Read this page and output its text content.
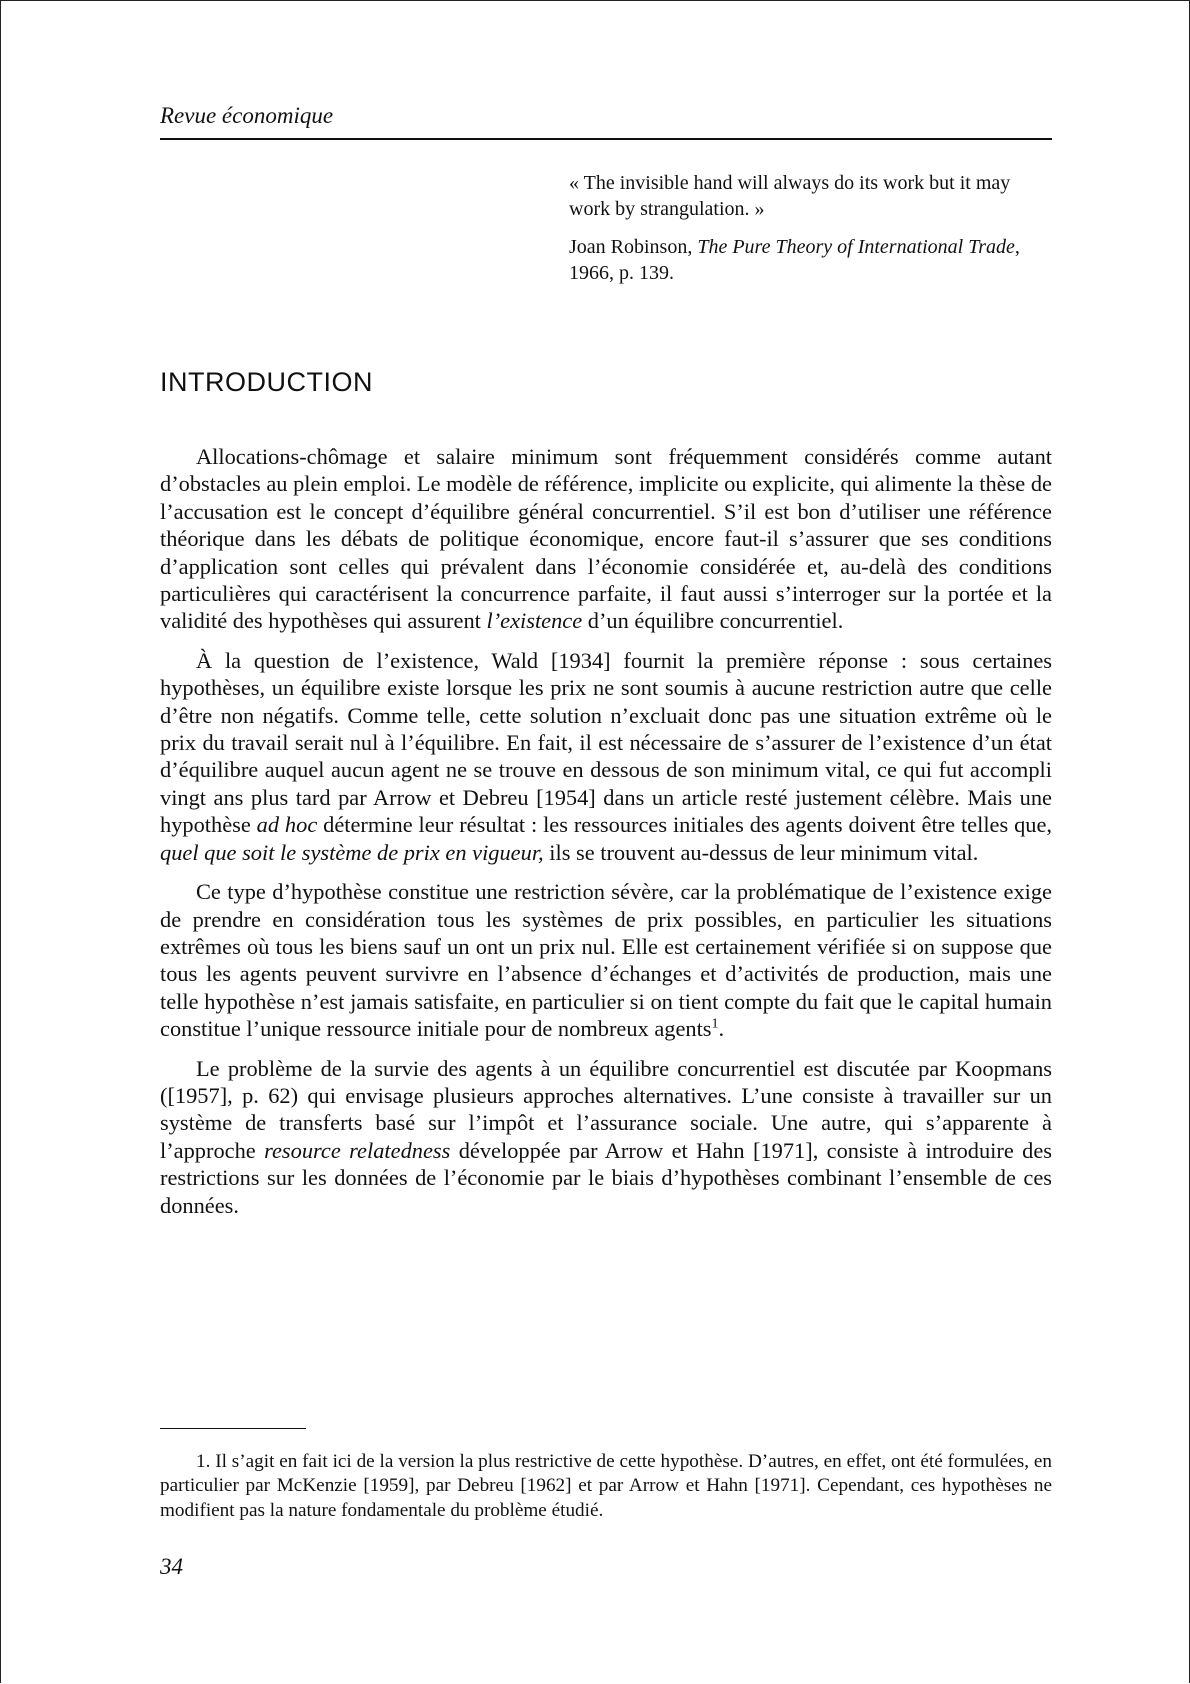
Revue économique

« The invisible hand will always do its work but it may work by strangulation. »

Joan Robinson, The Pure Theory of International Trade, 1966, p. 139.

INTRODUCTION

Allocations-chômage et salaire minimum sont fréquemment considérés comme autant d’obstacles au plein emploi. Le modèle de référence, implicite ou explicite, qui alimente la thèse de l’accusation est le concept d’équilibre général concurrentiel. S’il est bon d’utiliser une référence théorique dans les débats de politique économique, encore faut-il s’assurer que ses conditions d’application sont celles qui prévalent dans l’économie considérée et, au-delà des conditions particulières qui caractérisent la concurrence parfaite, il faut aussi s’interroger sur la portée et la validité des hypothèses qui assurent l’existence d’un équilibre concurrentiel.

À la question de l’existence, Wald [1934] fournit la première réponse : sous certaines hypothèses, un équilibre existe lorsque les prix ne sont soumis à aucune restriction autre que celle d’être non négatifs. Comme telle, cette solution n’excluait donc pas une situation extrême où le prix du travail serait nul à l’équilibre. En fait, il est nécessaire de s’assurer de l’existence d’un état d’équilibre auquel aucun agent ne se trouve en dessous de son minimum vital, ce qui fut accompli vingt ans plus tard par Arrow et Debreu [1954] dans un article resté justement célèbre. Mais une hypothèse ad hoc détermine leur résultat : les ressources initiales des agents doivent être telles que, quel que soit le système de prix en vigueur, ils se trouvent au-dessus de leur minimum vital.

Ce type d’hypothèse constitue une restriction sévère, car la problématique de l’existence exige de prendre en considération tous les systèmes de prix possibles, en particulier les situations extrêmes où tous les biens sauf un ont un prix nul. Elle est certainement vérifiée si on suppose que tous les agents peuvent survivre en l’absence d’échanges et d’activités de production, mais une telle hypothèse n’est jamais satisfaite, en particulier si on tient compte du fait que le capital humain constitue l’unique ressource initiale pour de nombreux agents$^1$.

Le problème de la survie des agents à un équilibre concurrentiel est discutée par Koopmans ([1957], p. 62) qui envisage plusieurs approches alternatives. L’une consiste à travailler sur un système de transferts basé sur l’impôt et l’assurance sociale. Une autre, qui s’apparente à l’approche resource relatedness développée par Arrow et Hahn [1971], consiste à introduire des restrictions sur les données de l’économie par le biais d’hypothèses combinant l’ensemble de ces données.

1. Il s’agit en fait ici de la version la plus restrictive de cette hypothèse. D’autres, en effet, ont été formulées, en particulier par McKenzie [1959], par Debreu [1962] et par Arrow et Hahn [1971]. Cependant, ces hypothèses ne modifient pas la nature fondamentale du problème étudié.

34
